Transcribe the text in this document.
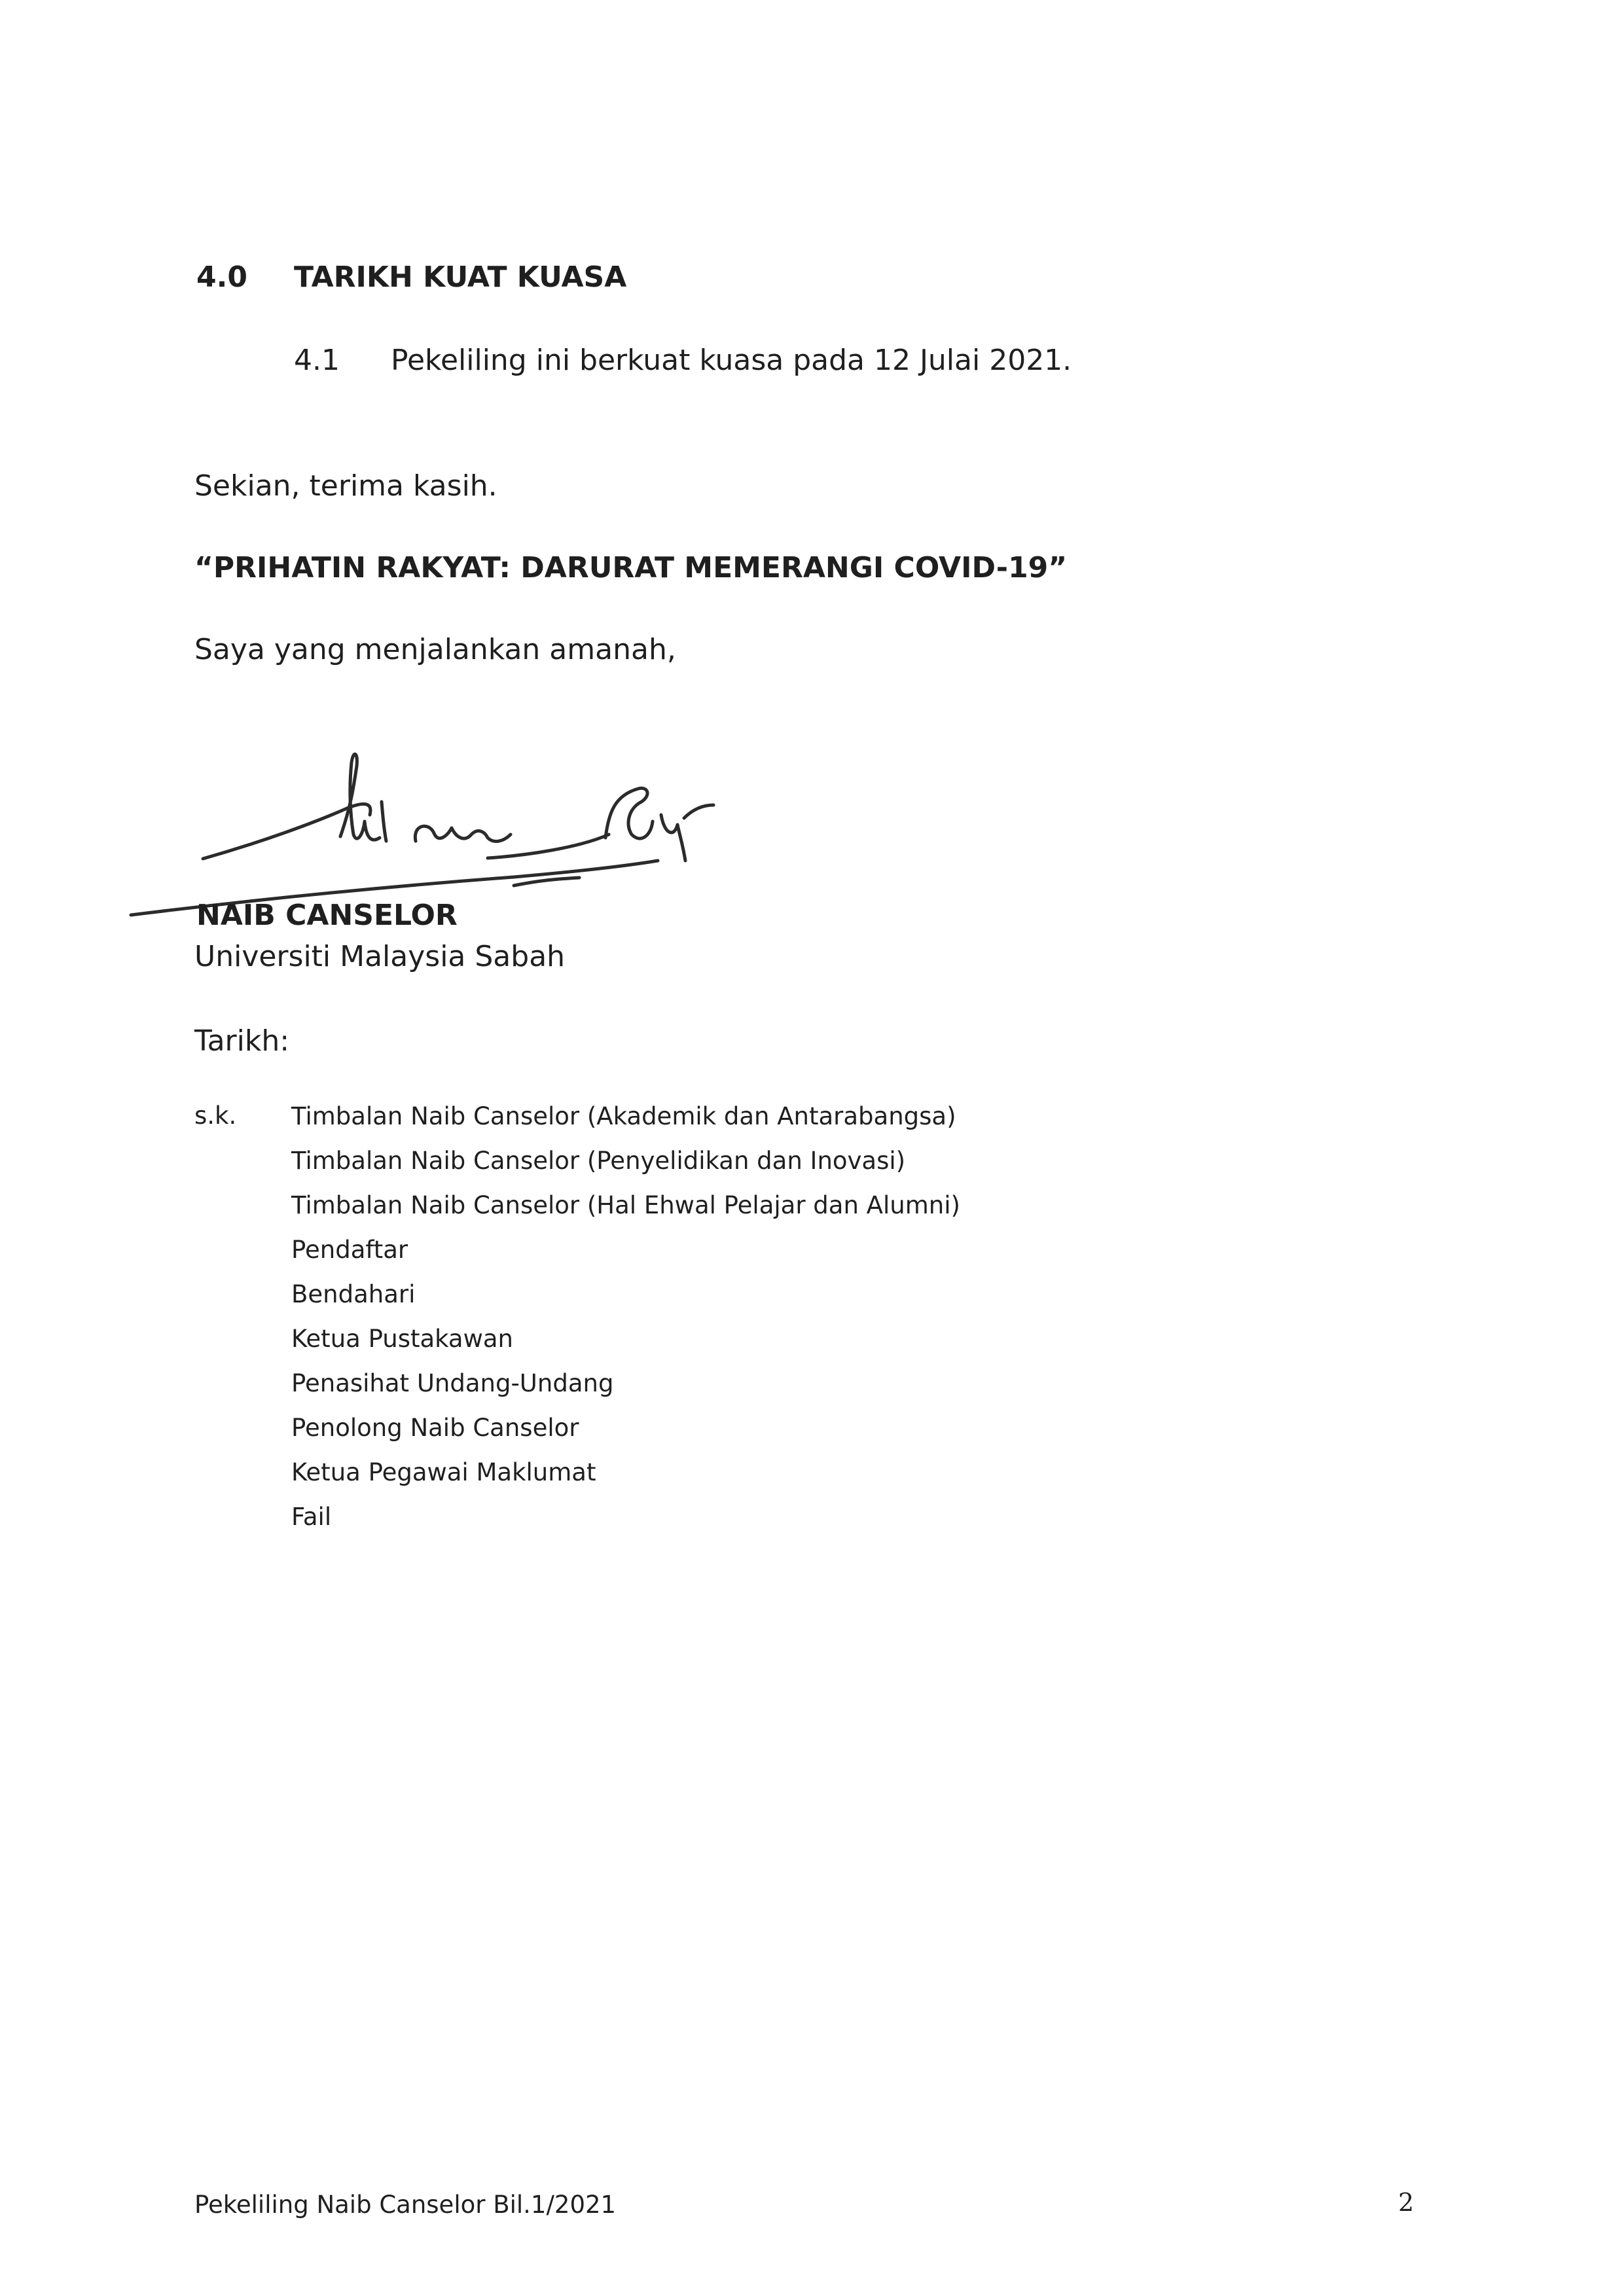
4.0 TARIKH KUAT KUASA
4.1 Pekeliling ini berkuat kuasa pada 12 Julai 2021.
Sekian, terima kasih.
“PRIHATIN RAKYAT: DARURAT MEMERANGI COVID-19”
Saya yang menjalankan amanah,
NAIB CANSELOR
Universiti Malaysia Sabah
Tarikh:
s.k. Timbalan Naib Canselor (Akademik dan Antarabangsa)
Timbalan Naib Canselor (Penyelidikan dan Inovasi)
Timbalan Naib Canselor (Hal Ehwal Pelajar dan Alumni)
Pendaftar
Bendahari
Ketua Pustakawan
Penasihat Undang-Undang
Penolong Naib Canselor
Ketua Pegawai Maklumat
Fail
Pekeliling Naib Canselor Bil.1/2021	2
